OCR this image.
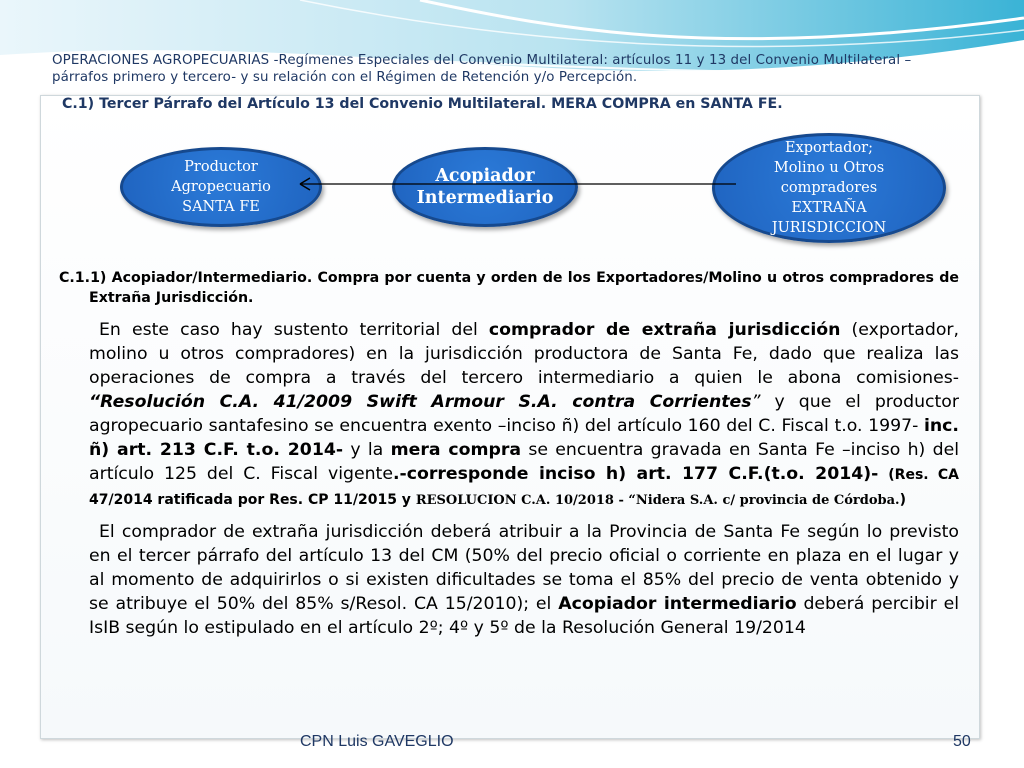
OPERACIONES AGROPECUARIAS -Regímenes Especiales del Convenio Multilateral: artículos 11 y 13 del Convenio Multilateral –párrafos primero y tercero- y su relación con el Régimen de Retención y/o Percepción.
C.1) Tercer Párrafo del Artículo 13 del Convenio Multilateral. MERA COMPRA en SANTA FE.
Productor
Agropecuario
SANTA FE
Acopiador
Intermediario
Exportador;
Molino u Otros
compradores
EXTRAÑA
JURISDICCION

C.1.1) Acopiador/Intermediario. Compra por cuenta y orden de los Exportadores/Molino u otros compradores de Extraña Jurisdicción.

En este caso hay sustento territorial del comprador de extraña jurisdicción (exportador, molino u otros compradores) en la jurisdicción productora de Santa Fe, dado que realiza las operaciones de compra a través del tercero intermediario a quien le abona comisiones- “Resolución C.A. 41/2009 Swift Armour S.A. contra Corrientes” y que el productor agropecuario santafesino se encuentra exento –inciso ñ) del artículo 160 del C. Fiscal t.o. 1997- inc. ñ) art. 213 C.F. t.o. 2014- y la mera compra se encuentra gravada en Santa Fe –inciso h) del artículo 125 del C. Fiscal vigente.-corresponde inciso h) art. 177 C.F.(t.o. 2014)- (Res. CA 47/2014 ratificada por Res. CP 11/2015 y RESOLUCION C.A. 10/2018 - “Nidera S.A. c/ provincia de Córdoba.)

El comprador de extraña jurisdicción deberá atribuir a la Provincia de Santa Fe según lo previsto en el tercer párrafo del artículo 13 del CM (50% del precio oficial o corriente en plaza en el lugar y al momento de adquirirlos o si existen dificultades se toma el 85% del precio de venta obtenido y se atribuye el 50% del 85% s/Resol. CA 15/2010); el Acopiador intermediario deberá percibir el IsIB según lo estipulado en el artículo 2º; 4º y 5º de la Resolución General 19/2014

CPN Luis GAVEGLIO	50
